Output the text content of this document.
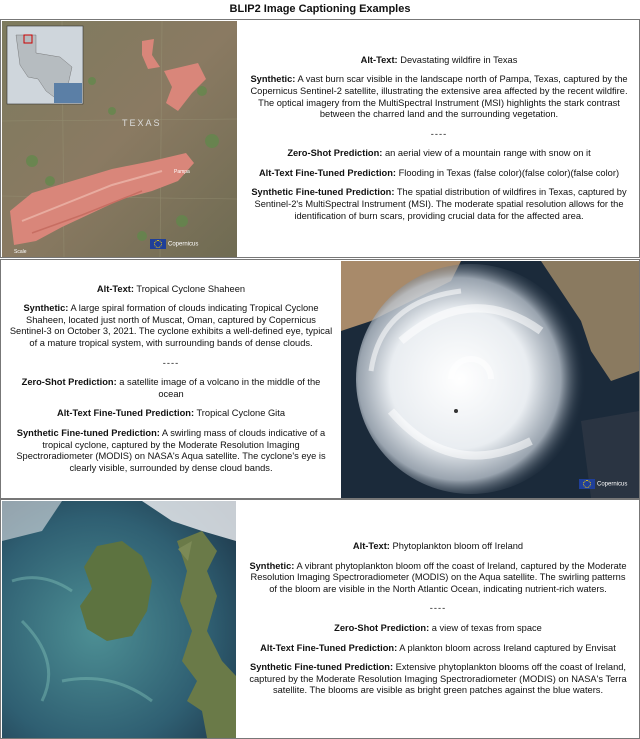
BLIP2 Image Captioning Examples
TEXAS
Pampa
Scale
Copernicus

Alt-Text: Devastating wildfire in Texas

Synthetic: A vast burn scar visible in the landscape north of Pampa, Texas, captured by the Copernicus Sentinel-2 satellite, illustrating the extensive area affected by the recent wildfire. The optical imagery from the MultiSpectral Instrument (MSI) highlights the stark contrast between the charred land and the surrounding vegetation.

----

Zero-Shot Prediction: an aerial view of a mountain range with snow on it

Alt-Text Fine-Tuned Prediction: Flooding in Texas (false color)(false color)(false color)

Synthetic Fine-tuned Prediction: The spatial distribution of wildfires in Texas, captured by Sentinel-2's MultiSpectral Instrument (MSI). The moderate spatial resolution allows for the identification of burn scars, providing crucial data for the affected area.

Alt-Text: Tropical Cyclone Shaheen

Synthetic: A large spiral formation of clouds indicating Tropical Cyclone Shaheen, located just north of Muscat, Oman, captured by Copernicus Sentinel-3 on October 3, 2021. The cyclone exhibits a well-defined eye, typical of a mature tropical system, with surrounding bands of dense clouds.

----

Zero-Shot Prediction: a satellite image of a volcano in the middle of the ocean

Alt-Text Fine-Tuned Prediction: Tropical Cyclone Gita

Synthetic Fine-tuned Prediction: A swirling mass of clouds indicative of a tropical cyclone, captured by the Moderate Resolution Imaging Spectroradiometer (MODIS) on NASA's Aqua satellite. The cyclone's eye is clearly visible, surrounded by dense cloud bands.

Copernicus

Alt-Text: Phytoplankton bloom off Ireland

Synthetic: A vibrant phytoplankton bloom off the coast of Ireland, captured by the Moderate Resolution Imaging Spectroradiometer (MODIS) on the Aqua satellite. The swirling patterns of the bloom are visible in the North Atlantic Ocean, indicating nutrient-rich waters.

----

Zero-Shot Prediction: a view of texas from space

Alt-Text Fine-Tuned Prediction: A plankton bloom across Ireland captured by Envisat

Synthetic Fine-tuned Prediction: Extensive phytoplankton blooms off the coast of Ireland, captured by the Moderate Resolution Imaging Spectroradiometer (MODIS) on NASA's Terra satellite. The blooms are visible as bright green patches against the blue waters.
